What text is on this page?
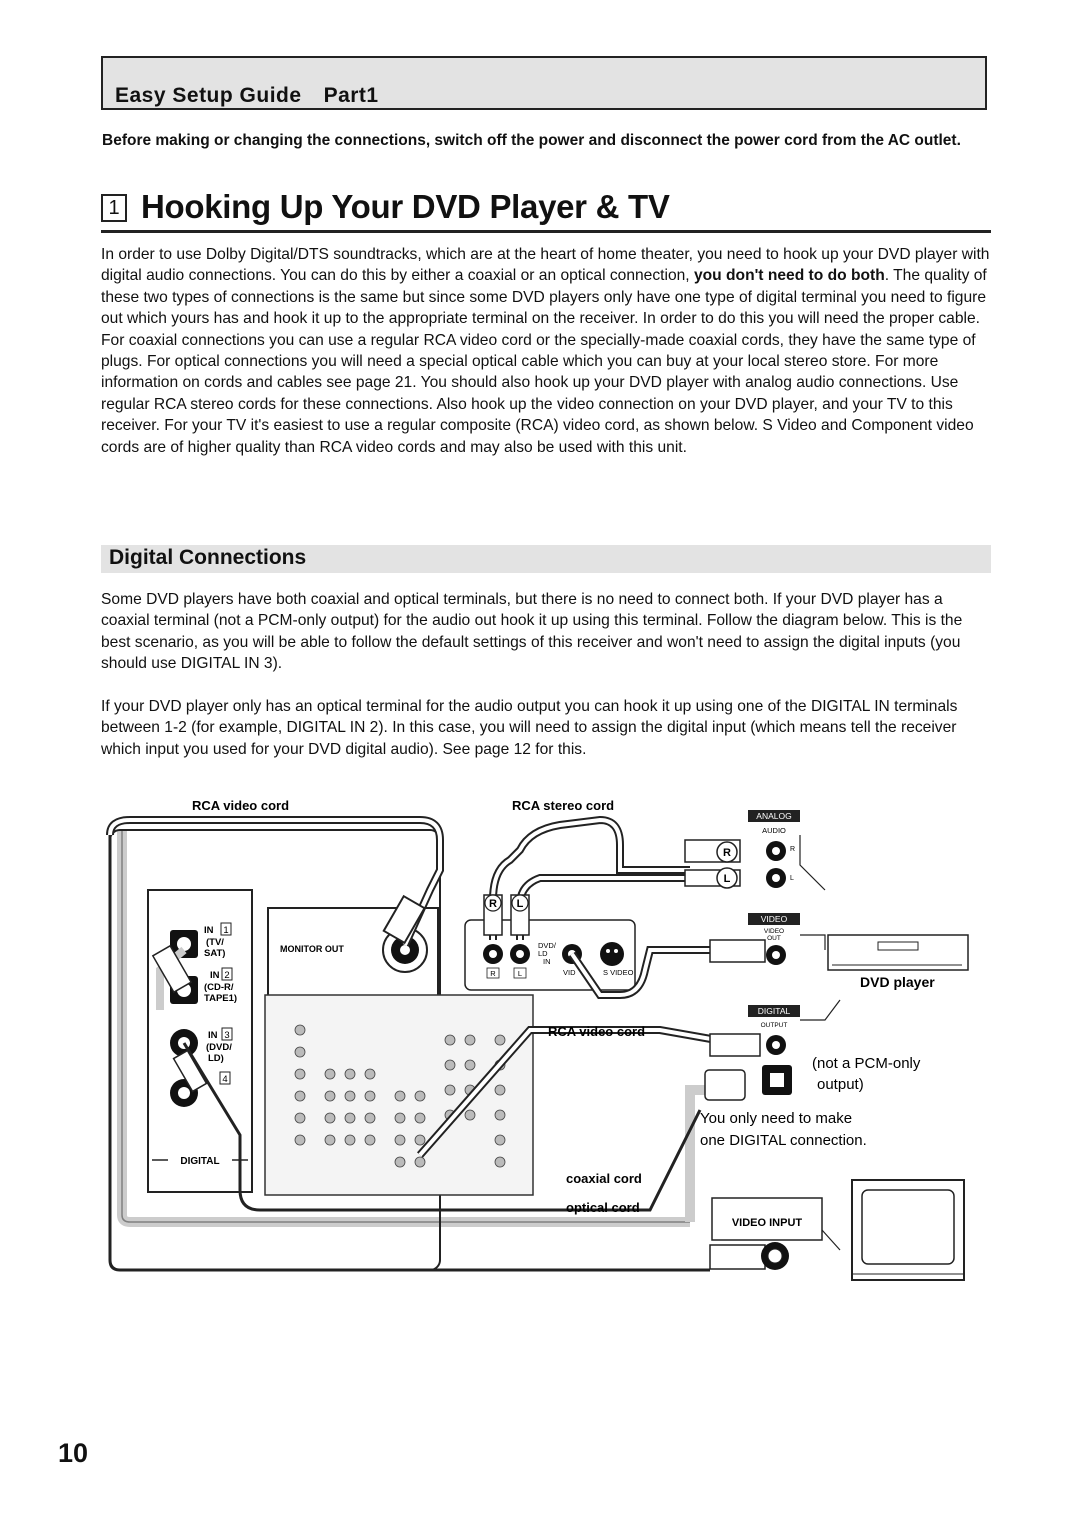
Easy Setup Guide Part1
Before making or changing the connections, switch off the power and disconnect the power cord from the AC outlet.
1 Hooking Up Your DVD Player & TV
In order to use Dolby Digital/DTS soundtracks, which are at the heart of home theater, you need to hook up your DVD player with digital audio connections. You can do this by either a coaxial or an optical connection, you don't need to do both. The quality of these two types of connections is the same but since some DVD players only have one type of digital terminal you need to figure out which yours has and hook it up to the appropriate terminal on the receiver. In order to do this you will need the proper cable. For coaxial connections you can use a regular RCA video cord or the specially-made coaxial cords, they have the same type of plugs. For optical connections you will need a special optical cable which you can buy at your local stereo store. For more information on cords and cables see page 21. You should also hook up your DVD player with analog audio connections. Use regular RCA stereo cords for these connections. Also hook up the video connection on your DVD player, and your TV to this receiver. For your TV it's easiest to use a regular composite (RCA) video cord, as shown below. S Video and Component video cords are of higher quality than RCA video cords and may also be used with this unit.
Digital Connections
Some DVD players have both coaxial and optical terminals, but there is no need to connect both. If your DVD player has a coaxial terminal (not a PCM-only output) for the audio out hook it up using this terminal. Follow the diagram below. This is the best scenario, as you will be able to follow the default settings of this receiver and won't need to assign the digital inputs (you should use DIGITAL IN 3).
If your DVD player only has an optical terminal for the audio output you can hook it up using one of the DIGITAL IN terminals between 1-2 (for example, DIGITAL IN 2). In this case, you will need to assign the digital input (which means tell the receiver which input you used for your DVD digital audio). See page 12 for this.
IN 1
(TV/
SAT)
IN 2
(CD-R/
TAPE1)
IN 3
(DVD/
LD)
4
DIGITAL
MONITOR OUT	DVD/
LD
IN
VID	S VIDEO
R	L
RCA video cord
R L
RCA stereo cord
R
L
ANALOG
AUDIO
R
L
VIDEO
VIDEO
OUT
DVD player
DIGITAL
OUTPUT
(not a PCM-only
output)
You only need to make
one DIGITAL connection.
RCA video cord
coaxial cord
optical cord
VIDEO INPUT
10
